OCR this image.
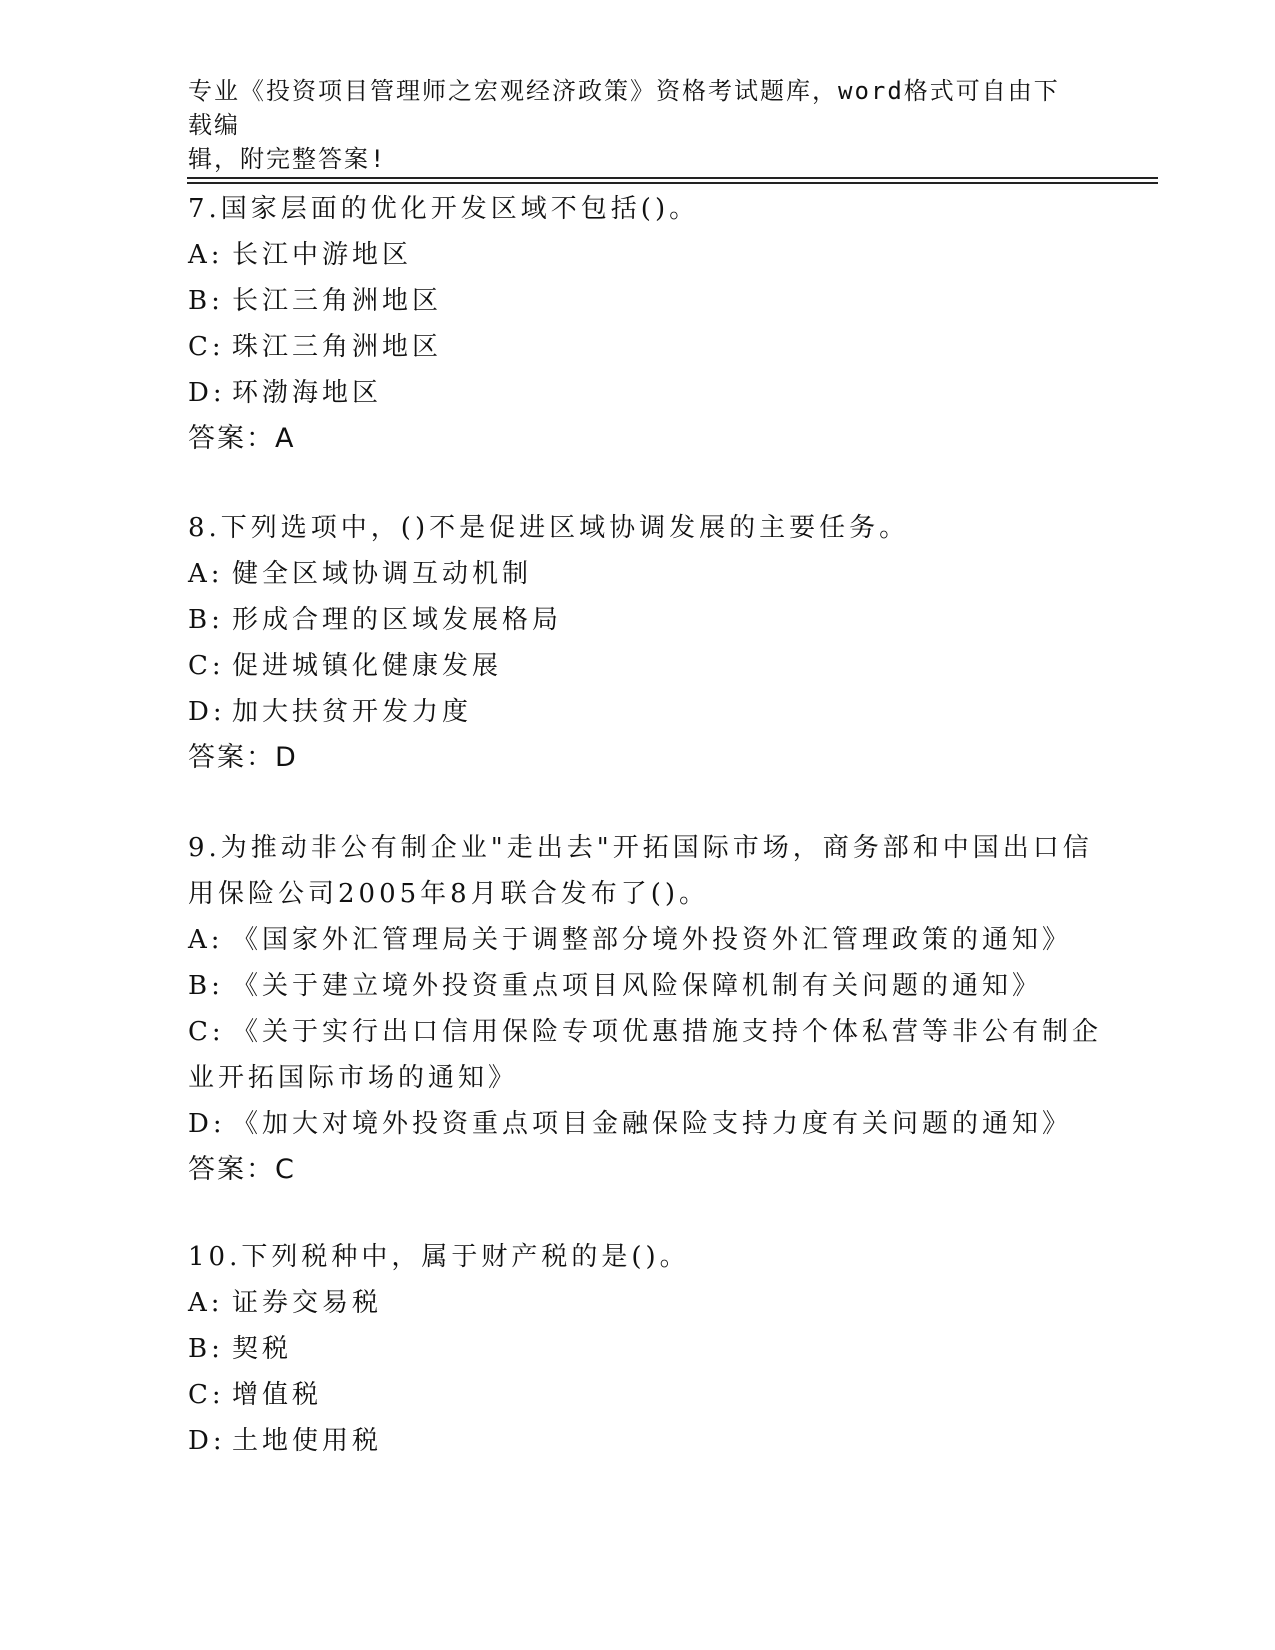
专业《投资项目管理师之宏观经济政策》资格考试题库，word格式可自由下载编
辑，附完整答案!
7.国家层面的优化开发区域不包括()。
A: 长江中游地区
B: 长江三角洲地区
C: 珠江三角洲地区
D: 环渤海地区
答案：A
8.下列选项中，()不是促进区域协调发展的主要任务。
A: 健全区域协调互动机制
B: 形成合理的区域发展格局
C: 促进城镇化健康发展
D: 加大扶贫开发力度
答案：D
9.为推动非公有制企业"走出去"开拓国际市场，商务部和中国出口信
用保险公司2005年8月联合发布了()。
A: 《国家外汇管理局关于调整部分境外投资外汇管理政策的通知》
B: 《关于建立境外投资重点项目风险保障机制有关问题的通知》
C: 《关于实行出口信用保险专项优惠措施支持个体私营等非公有制企
业开拓国际市场的通知》
D: 《加大对境外投资重点项目金融保险支持力度有关问题的通知》
答案：C
10.下列税种中，属于财产税的是()。
A: 证券交易税
B: 契税
C: 增值税
D: 土地使用税
